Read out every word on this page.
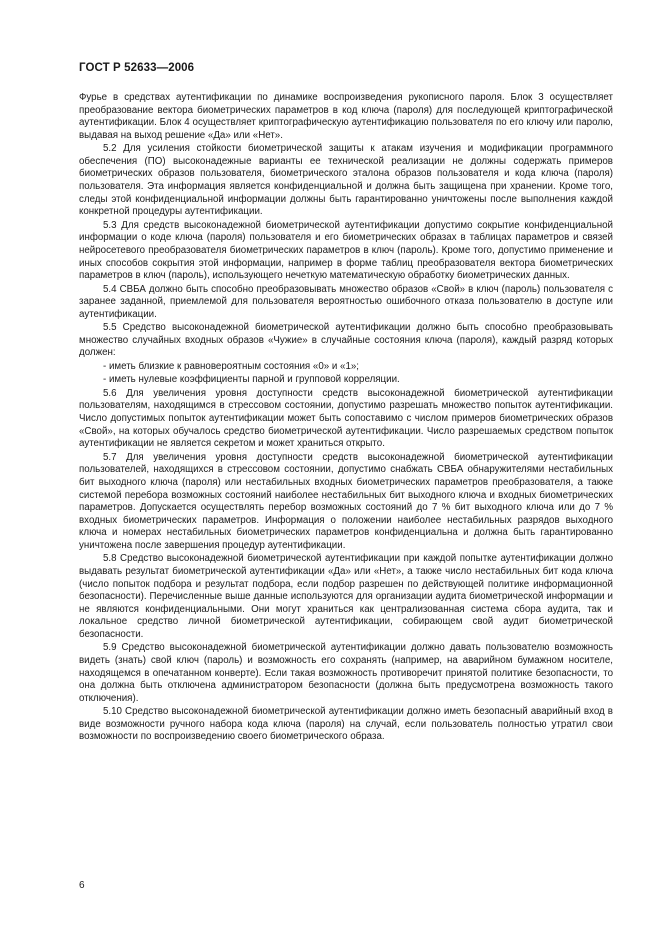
ГОСТ Р 52633—2006

Фурье в средствах аутентификации по динамике воспроизведения рукописного пароля. Блок 3 осуществляет преобразование вектора биометрических параметров в код ключа (пароля) для последующей криптографической аутентификации. Блок 4 осуществляет криптографическую аутентификацию пользователя по его ключу или паролю, выдавая на выход решение «Да» или «Нет».

5.2 Для усиления стойкости биометрической защиты к атакам изучения и модификации программного обеспечения (ПО) высоконадежные варианты ее технической реализации не должны содержать примеров биометрических образов пользователя, биометрического эталона образов пользователя и кода ключа (пароля) пользователя. Эта информация является конфиденциальной и должна быть защищена при хранении. Кроме того, следы этой конфиденциальной информации должны быть гарантированно уничтожены после выполнения каждой конкретной процедуры аутентификации.

5.3 Для средств высоконадежной биометрической аутентификации допустимо сокрытие конфиденциальной информации о коде ключа (пароля) пользователя и его биометрических образах в таблицах параметров и связей нейросетевого преобразователя биометрических параметров в ключ (пароль). Кроме того, допустимо применение и иных способов сокрытия этой информации, например в форме таблиц преобразователя вектора биометрических параметров в ключ (пароль), использующего нечеткую математическую обработку биометрических данных.

5.4 СВБА должно быть способно преобразовывать множество образов «Свой» в ключ (пароль) пользователя с заранее заданной, приемлемой для пользователя вероятностью ошибочного отказа пользователю в доступе или аутентификации.

5.5 Средство высоконадежной биометрической аутентификации должно быть способно преобразовывать множество случайных входных образов «Чужие» в случайные состояния ключа (пароля), каждый разряд которых должен:

- иметь близкие к равновероятным состояния «0» и «1»;

- иметь нулевые коэффициенты парной и групповой корреляции.

5.6 Для увеличения уровня доступности средств высоконадежной биометрической аутентификации пользователям, находящимся в стрессовом состоянии, допустимо разрешать множество попыток аутентификации. Число допустимых попыток аутентификации может быть сопоставимо с числом примеров биометрических образов «Свой», на которых обучалось средство биометрической аутентификации. Число разрешаемых средством попыток аутентификации не является секретом и может храниться открыто.

5.7 Для увеличения уровня доступности средств высоконадежной биометрической аутентификации пользователей, находящихся в стрессовом состоянии, допустимо снабжать СВБА обнаружителями нестабильных бит выходного ключа (пароля) или нестабильных входных биометрических параметров преобразователя, а также системой перебора возможных состояний наиболее нестабильных бит выходного ключа и входных биометрических параметров. Допускается осуществлять перебор возможных состояний до 7 % бит выходного ключа или до 7 % входных биометрических параметров. Информация о положении наиболее нестабильных разрядов выходного ключа и номерах нестабильных биометрических параметров конфиденциальна и должна быть гарантированно уничтожена после завершения процедур аутентификации.

5.8 Средство высоконадежной биометрической аутентификации при каждой попытке аутентификации должно выдавать результат биометрической аутентификации «Да» или «Нет», а также число нестабильных бит кода ключа (число попыток подбора и результат подбора, если подбор разрешен по действующей политике информационной безопасности). Перечисленные выше данные используются для организации аудита биометрической информации и не являются конфиденциальными. Они могут храниться как централизованная система сбора аудита, так и локальное средство личной биометрической аутентификации, собирающем свой аудит биометрической безопасности.

5.9 Средство высоконадежной биометрической аутентификации должно давать пользователю возможность видеть (знать) свой ключ (пароль) и возможность его сохранять (например, на аварийном бумажном носителе, находящемся в опечатанном конверте). Если такая возможность противоречит принятой политике безопасности, то она должна быть отключена администратором безопасности (должна быть предусмотрена возможность такого отключения).

5.10 Средство высоконадежной биометрической аутентификации должно иметь безопасный аварийный вход в виде возможности ручного набора кода ключа (пароля) на случай, если пользователь полностью утратил свои возможности по воспроизведению своего биометрического образа.

6
